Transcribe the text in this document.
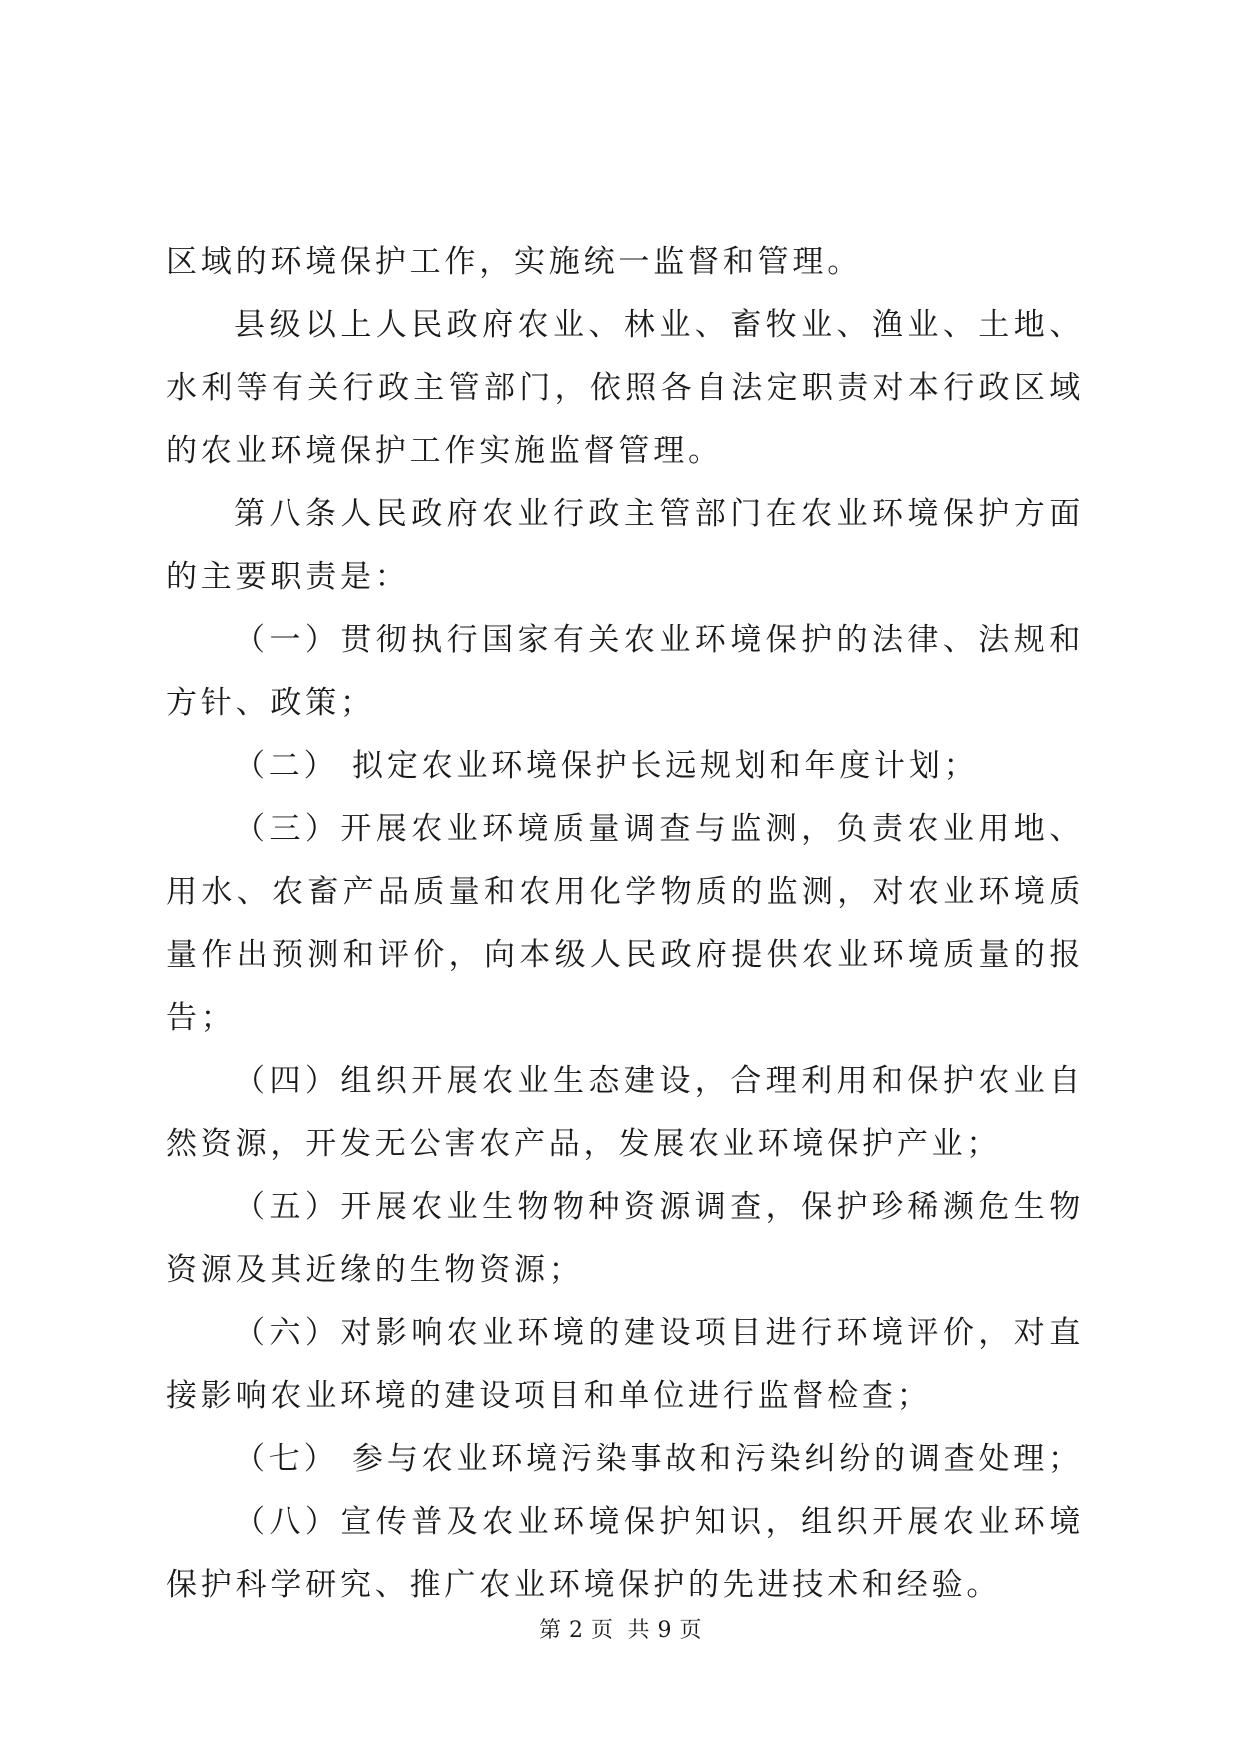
区域的环境保护工作，实施统一监督和管理。

县级以上人民政府农业、林业、畜牧业、渔业、土地、水利等有关行政主管部门，依照各自法定职责对本行政区域的农业环境保护工作实施监督管理。

第八条人民政府农业行政主管部门在农业环境保护方面的主要职责是：

（一）贯彻执行国家有关农业环境保护的法律、法规和方针、政策；

（二） 拟定农业环境保护长远规划和年度计划；

（三）开展农业环境质量调查与监测，负责农业用地、用水、农畜产品质量和农用化学物质的监测，对农业环境质量作出预测和评价，向本级人民政府提供农业环境质量的报告；

（四）组织开展农业生态建设，合理利用和保护农业自然资源，开发无公害农产品，发展农业环境保护产业；

（五）开展农业生物物种资源调查，保护珍稀濒危生物资源及其近缘的生物资源；

（六）对影响农业环境的建设项目进行环境评价，对直接影响农业环境的建设项目和单位进行监督检查；

（七） 参与农业环境污染事故和污染纠纷的调查处理；

（八）宣传普及农业环境保护知识，组织开展农业环境保护科学研究、推广农业环境保护的先进技术和经验。

第 2 页 共 9 页
